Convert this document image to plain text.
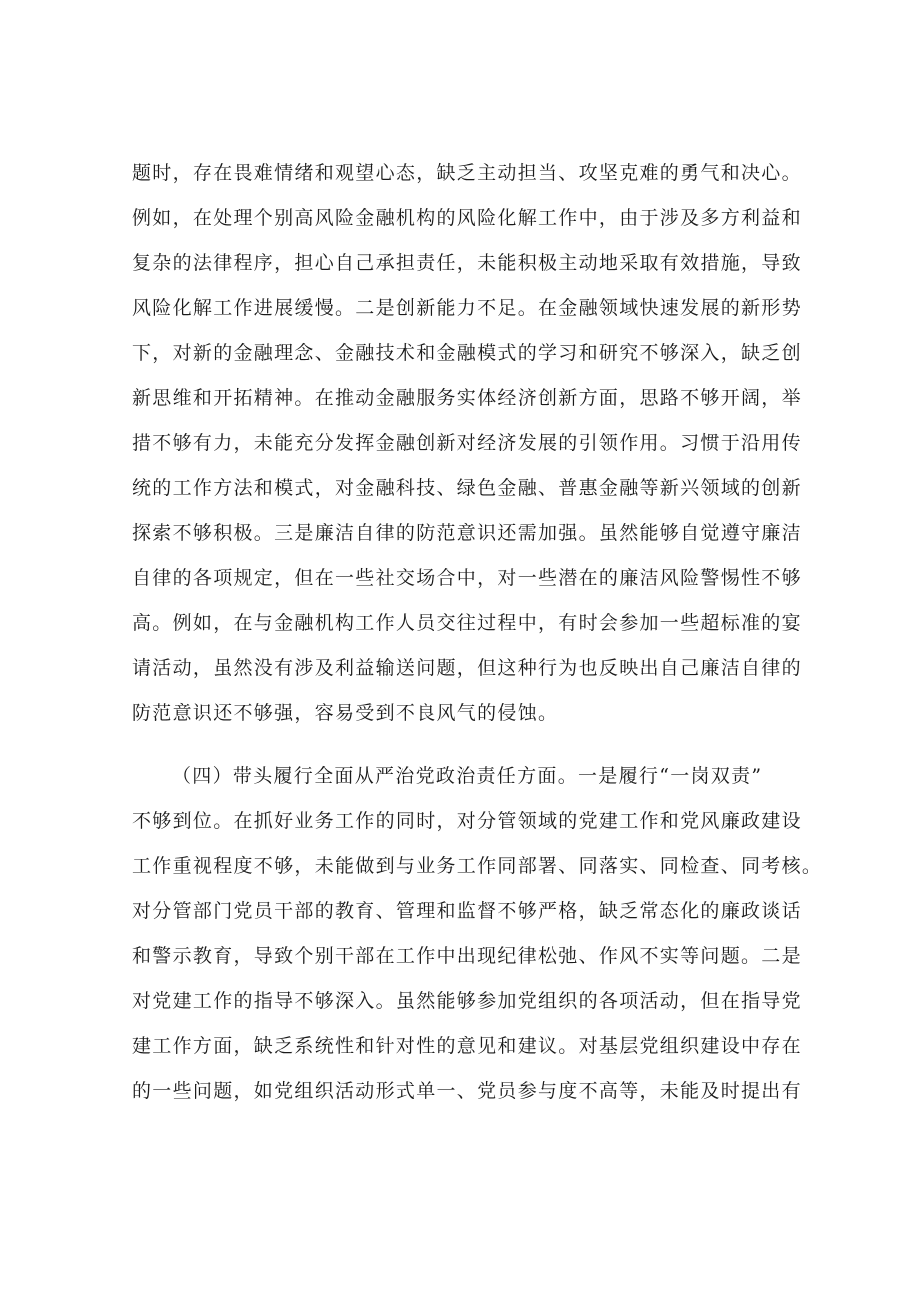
题时，存在畏难情绪和观望心态，缺乏主动担当、攻坚克难的勇气和决心。
例如，在处理个别高风险金融机构的风险化解工作中，由于涉及多方利益和
复杂的法律程序，担心自己承担责任，未能积极主动地采取有效措施，导致
风险化解工作进展缓慢。二是创新能力不足。在金融领域快速发展的新形势
下，对新的金融理念、金融技术和金融模式的学习和研究不够深入，缺乏创
新思维和开拓精神。在推动金融服务实体经济创新方面，思路不够开阔，举
措不够有力，未能充分发挥金融创新对经济发展的引领作用。习惯于沿用传
统的工作方法和模式，对金融科技、绿色金融、普惠金融等新兴领域的创新
探索不够积极。三是廉洁自律的防范意识还需加强。虽然能够自觉遵守廉洁
自律的各项规定，但在一些社交场合中，对一些潜在的廉洁风险警惕性不够
高。例如，在与金融机构工作人员交往过程中，有时会参加一些超标准的宴
请活动，虽然没有涉及利益输送问题，但这种行为也反映出自己廉洁自律的
防范意识还不够强，容易受到不良风气的侵蚀。
（四）带头履行全面从严治党政治责任方面。一是履行“一岗双责”
不够到位。在抓好业务工作的同时，对分管领域的党建工作和党风廉政建设
工作重视程度不够，未能做到与业务工作同部署、同落实、同检查、同考核。
对分管部门党员干部的教育、管理和监督不够严格，缺乏常态化的廉政谈话
和警示教育，导致个别干部在工作中出现纪律松弛、作风不实等问题。二是
对党建工作的指导不够深入。虽然能够参加党组织的各项活动，但在指导党
建工作方面，缺乏系统性和针对性的意见和建议。对基层党组织建设中存在
的一些问题，如党组织活动形式单一、党员参与度不高等，未能及时提出有
